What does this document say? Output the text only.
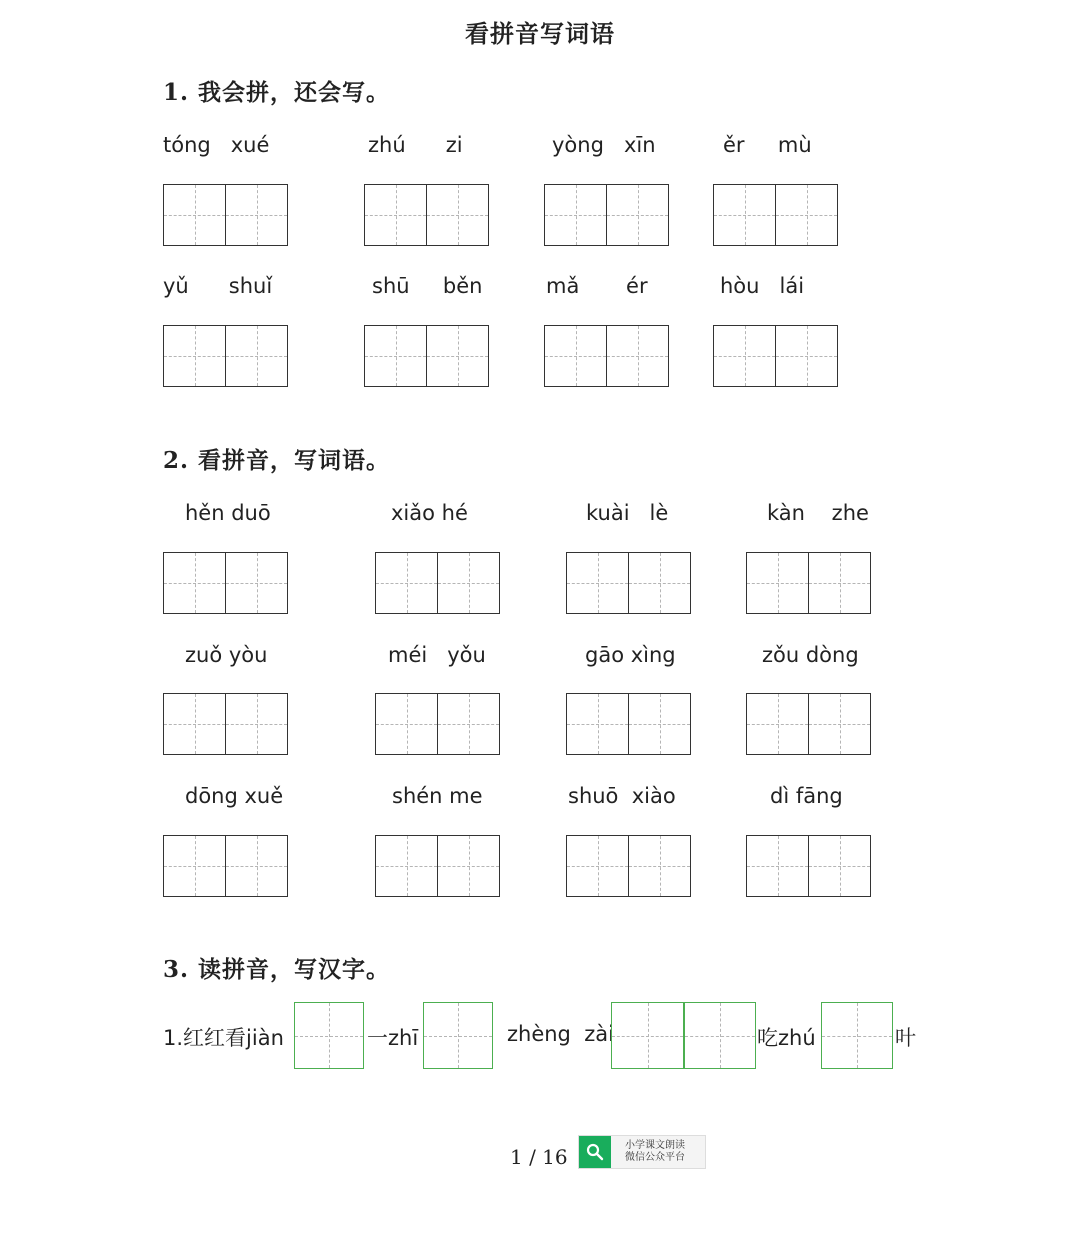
看拼音写词语
1. 我会拼，还会写。
tóng   xué	zhú      zi	yòng   xīn	ěr     mù
yǔ      shuǐ	shū     běn	mǎ       ér	hòu   lái
2. 看拼音，写词语。
hěn duō	xiǎo hé	kuài   lè	kàn    zhe
zuǒ yòu	méi   yǒu	gāo xìng	zǒu dòng
dōng xuě	shén me	shuō  xiào	dì fāng
3. 读拼音，写汉字。
1.红红看jiàn	一zhī	zhèng  zài	吃zhú	叶
1 / 16	小学课文朗读
微信公众平台
